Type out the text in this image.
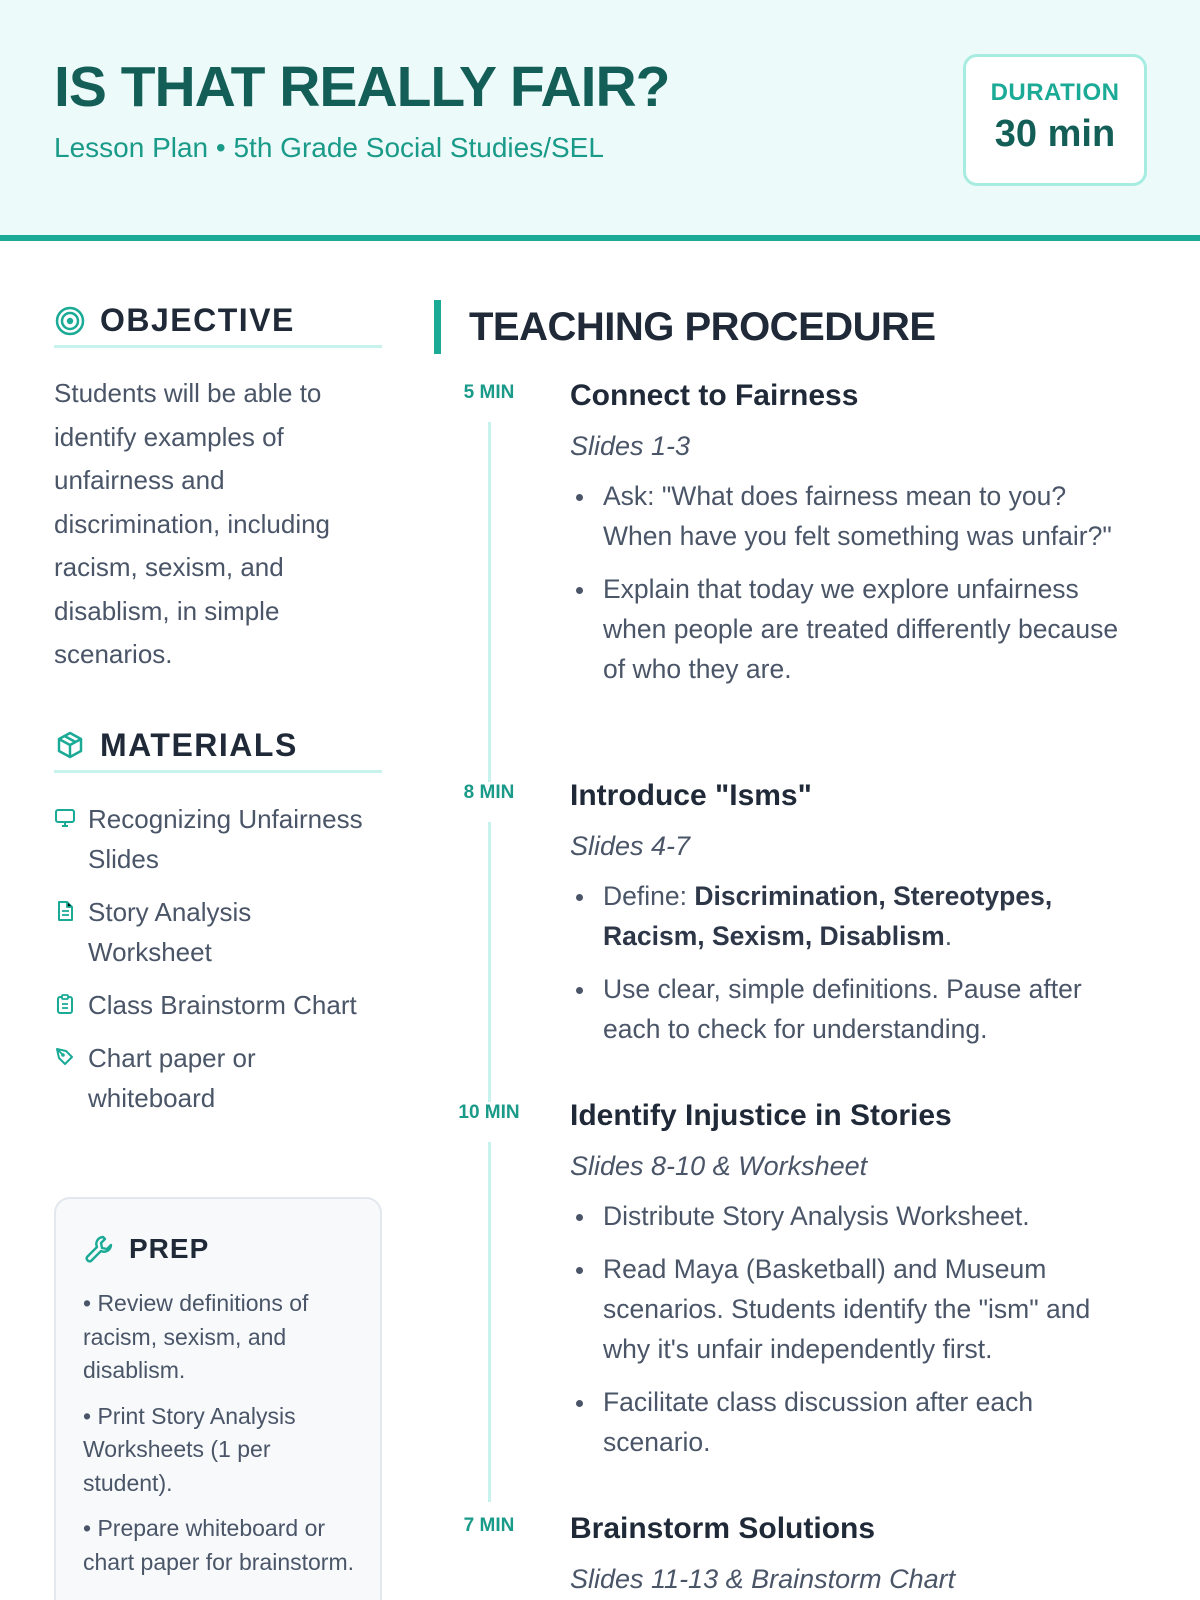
IS THAT REALLY FAIR?
Lesson Plan • 5th Grade Social Studies/SEL
DURATION
30 min
OBJECTIVE

Students will be able to identify examples of unfairness and discrimination, including racism, sexism, and disablism, in simple scenarios.

MATERIALS
Recognizing Unfairness Slides
Story Analysis Worksheet
Class Brainstorm Chart
Chart paper or whiteboard
PREP
• Review definitions of racism, sexism, and disablism.
• Print Story Analysis Worksheets (1 per student).
• Prepare whiteboard or chart paper for brainstorm.
TEACHING PROCEDURE
5 MIN	Connect to Fairness
Slides 1-3
Ask: "What does fairness mean to you? When have you felt something was unfair?"
Explain that today we explore unfairness when people are treated differently because of who they are.
8 MIN	Introduce "Isms"
Slides 4-7
Define: Discrimination, Stereotypes, Racism, Sexism, Disablism.
Use clear, simple definitions. Pause after each to check for understanding.
10 MIN	Identify Injustice in Stories
Slides 8-10 & Worksheet
Distribute Story Analysis Worksheet.
Read Maya (Basketball) and Museum scenarios. Students identify the "ism" and why it's unfair independently first.
Facilitate class discussion after each scenario.
7 MIN	Brainstorm Solutions
Slides 11-13 & Brainstorm Chart
